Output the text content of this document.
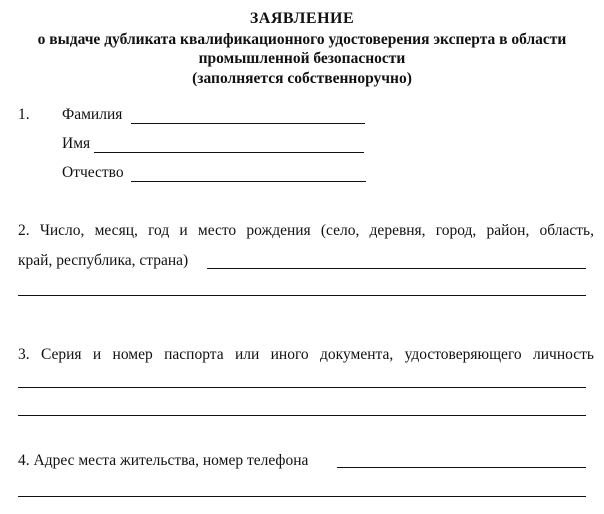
ЗАЯВЛЕНИЕ
о выдаче дубликата квалификационного удостоверения эксперта в области
промышленной безопасности
(заполняется собственноручно)
1. Фамилия
Имя
Отчество
2. Число, месяц, год и место рождения (село, деревня, город, район, область,
край, республика, страна)
3. Серия и номер паспорта или иного документа, удостоверяющего личность
4. Адрес места жительства, номер телефона
